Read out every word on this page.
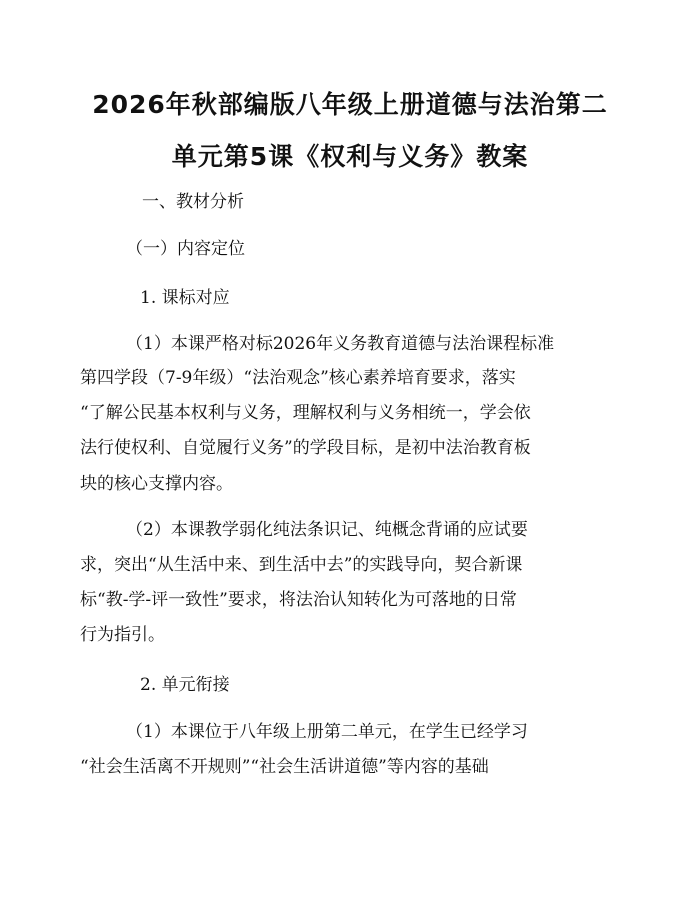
2026年秋部编版八年级上册道德与法治第二
单元第5课《权利与义务》教案
一、教材分析
（一）内容定位
1. 课标对应
（1）本课严格对标2026年义务教育道德与法治课程标准
第四学段（7-9年级）“法治观念”核心素养培育要求，落实
“了解公民基本权利与义务，理解权利与义务相统一，学会依
法行使权利、自觉履行义务”的学段目标，是初中法治教育板
块的核心支撑内容。
（2）本课教学弱化纯法条识记、纯概念背诵的应试要
求，突出“从生活中来、到生活中去”的实践导向，契合新课
标“教-学-评一致性”要求，将法治认知转化为可落地的日常
行为指引。
2. 单元衔接
（1）本课位于八年级上册第二单元，在学生已经学习
“社会生活离不开规则”“社会生活讲道德”等内容的基础
